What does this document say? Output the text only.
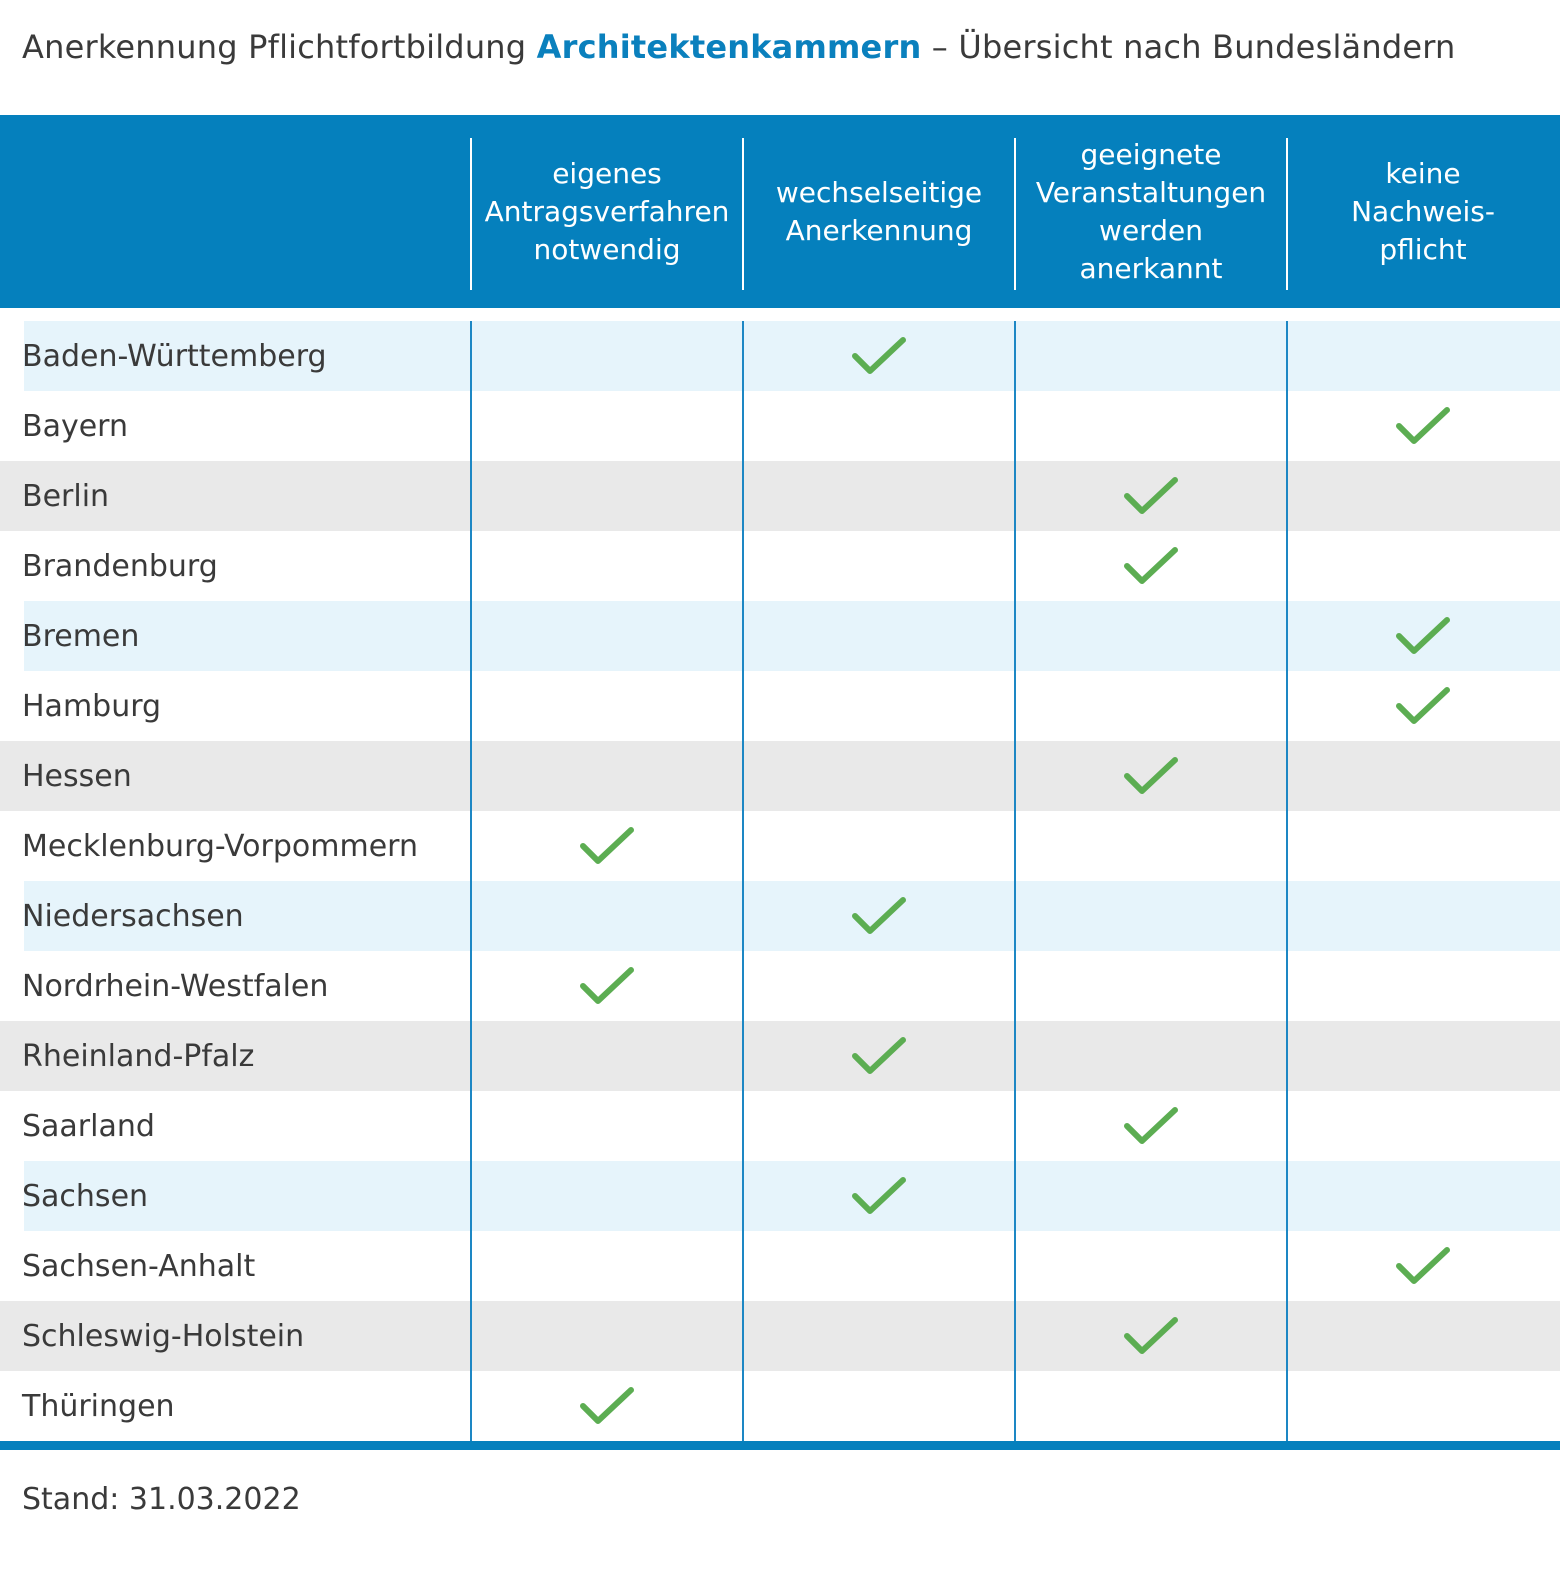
Anerkennung Pflichtfortbildung Architektenkammern – Übersicht nach Bundesländern
eigenes
Antragsverfahren
notwendig
wechselseitige
Anerkennung
geeignete
Veranstaltungen
werden
anerkannt
keine
Nachweis-
pflicht
Baden-Württemberg
Bayern
Berlin
Brandenburg
Bremen
Hamburg
Hessen
Mecklenburg-Vorpommern
Niedersachsen
Nordrhein-Westfalen
Rheinland-Pfalz
Saarland
Sachsen
Sachsen-Anhalt
Schleswig-Holstein
Thüringen
Stand: 31.03.2022
